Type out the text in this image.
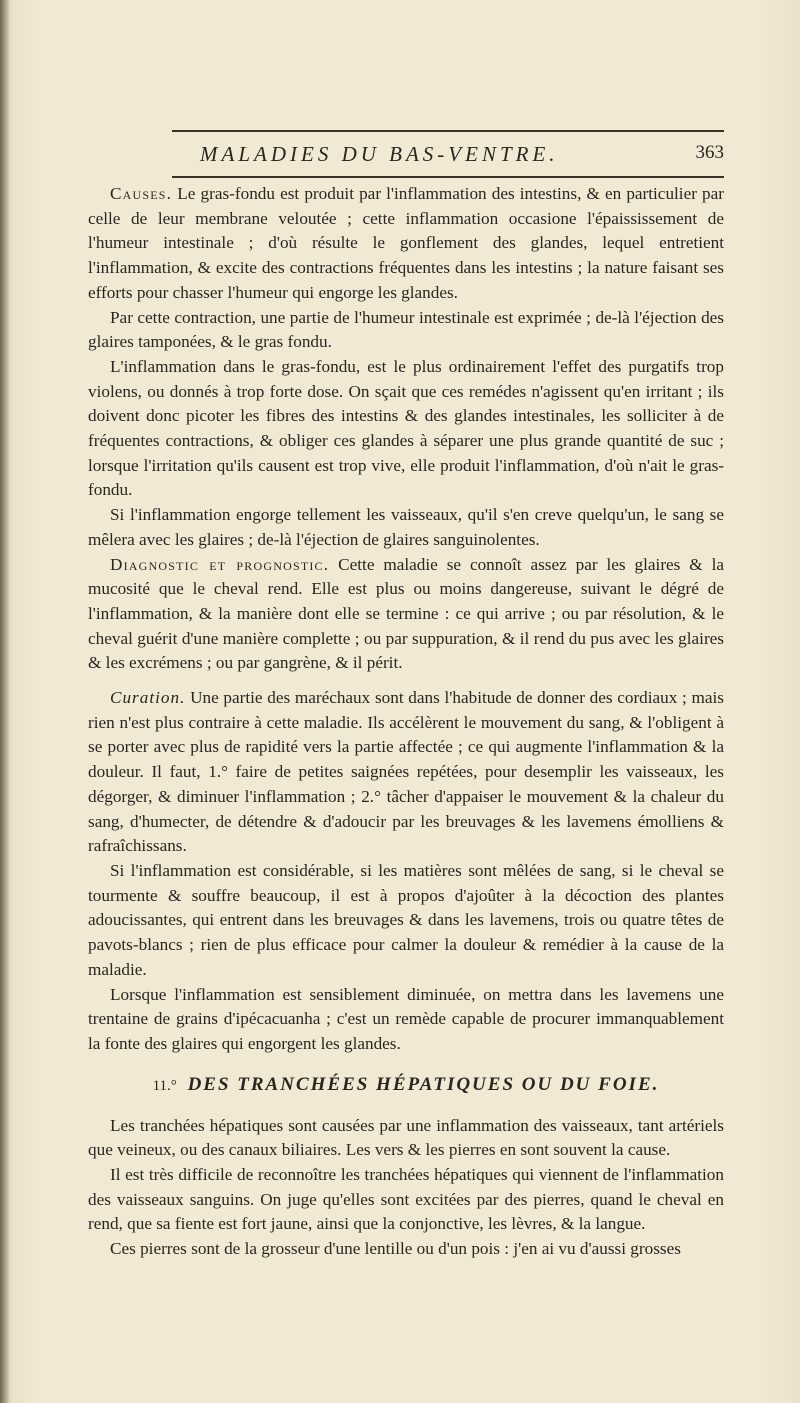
MALADIES DU BAS-VENTRE.	363

Causes. Le gras-fondu est produit par l'inflammation des intestins, & en particulier par celle de leur membrane veloutée ; cette inflammation occasione l'épaississement de l'humeur intestinale ; d'où résulte le gonflement des glandes, lequel entretient l'inflammation, & excite des contractions fréquentes dans les intestins ; la nature faisant ses efforts pour chasser l'humeur qui engorge les glandes.

Par cette contraction, une partie de l'humeur intestinale est exprimée ; de-là l'éjection des glaires tamponées, & le gras fondu.

L'inflammation dans le gras-fondu, est le plus ordinairement l'effet des purgatifs trop violens, ou donnés à trop forte dose. On sçait que ces remédes n'agissent qu'en irritant ; ils doivent donc picoter les fibres des intestins & des glandes intestinales, les solliciter à de fréquentes contractions, & obliger ces glandes à séparer une plus grande quantité de suc ; lorsque l'irritation qu'ils causent est trop vive, elle produit l'inflammation, d'où n'ait le gras-fondu.

Si l'inflammation engorge tellement les vaisseaux, qu'il s'en creve quelqu'un, le sang se mêlera avec les glaires ; de-là l'éjection de glaires sanguinolentes.

Diagnostic et prognostic. Cette maladie se connoît assez par les glaires & la mucosité que le cheval rend. Elle est plus ou moins dangereuse, suivant le dégré de l'inflammation, & la manière dont elle se termine : ce qui arrive ; ou par résolution, & le cheval guérit d'une manière complette ; ou par suppuration, & il rend du pus avec les glaires & les excrémens ; ou par gangrène, & il périt.

Curation. Une partie des maréchaux sont dans l'habitude de donner des cordiaux ; mais rien n'est plus contraire à cette maladie. Ils accélèrent le mouvement du sang, & l'obligent à se porter avec plus de rapidité vers la partie affectée ; ce qui augmente l'inflammation & la douleur. Il faut, 1.° faire de petites saignées repétées, pour desemplir les vaisseaux, les dégorger, & diminuer l'inflammation ; 2.° tâcher d'appaiser le mouvement & la chaleur du sang, d'humecter, de détendre & d'adoucir par les breuvages & les lavemens émolliens & rafraîchissans.

Si l'inflammation est considérable, si les matières sont mêlées de sang, si le cheval se tourmente & souffre beaucoup, il est à propos d'ajoûter à la décoction des plantes adoucissantes, qui entrent dans les breuvages & dans les lavemens, trois ou quatre têtes de pavots-blancs ; rien de plus efficace pour calmer la douleur & remédier à la cause de la maladie.

Lorsque l'inflammation est sensiblement diminuée, on mettra dans les lavemens une trentaine de grains d'ipécacuanha ; c'est un remède capable de procurer immanquablement la fonte des glaires qui engorgent les glandes.

11.° DES TRANCHÉES HÉPATIQUES OU DU FOIE.

Les tranchées hépatiques sont causées par une inflammation des vaisseaux, tant artériels que veineux, ou des canaux biliaires. Les vers & les pierres en sont souvent la cause.

Il est très difficile de reconnoître les tranchées hépatiques qui viennent de l'inflammation des vaisseaux sanguins. On juge qu'elles sont excitées par des pierres, quand le cheval en rend, que sa fiente est fort jaune, ainsi que la conjonctive, les lèvres, & la langue.

Ces pierres sont de la grosseur d'une lentille ou d'un pois : j'en ai vu d'aussi grosses
